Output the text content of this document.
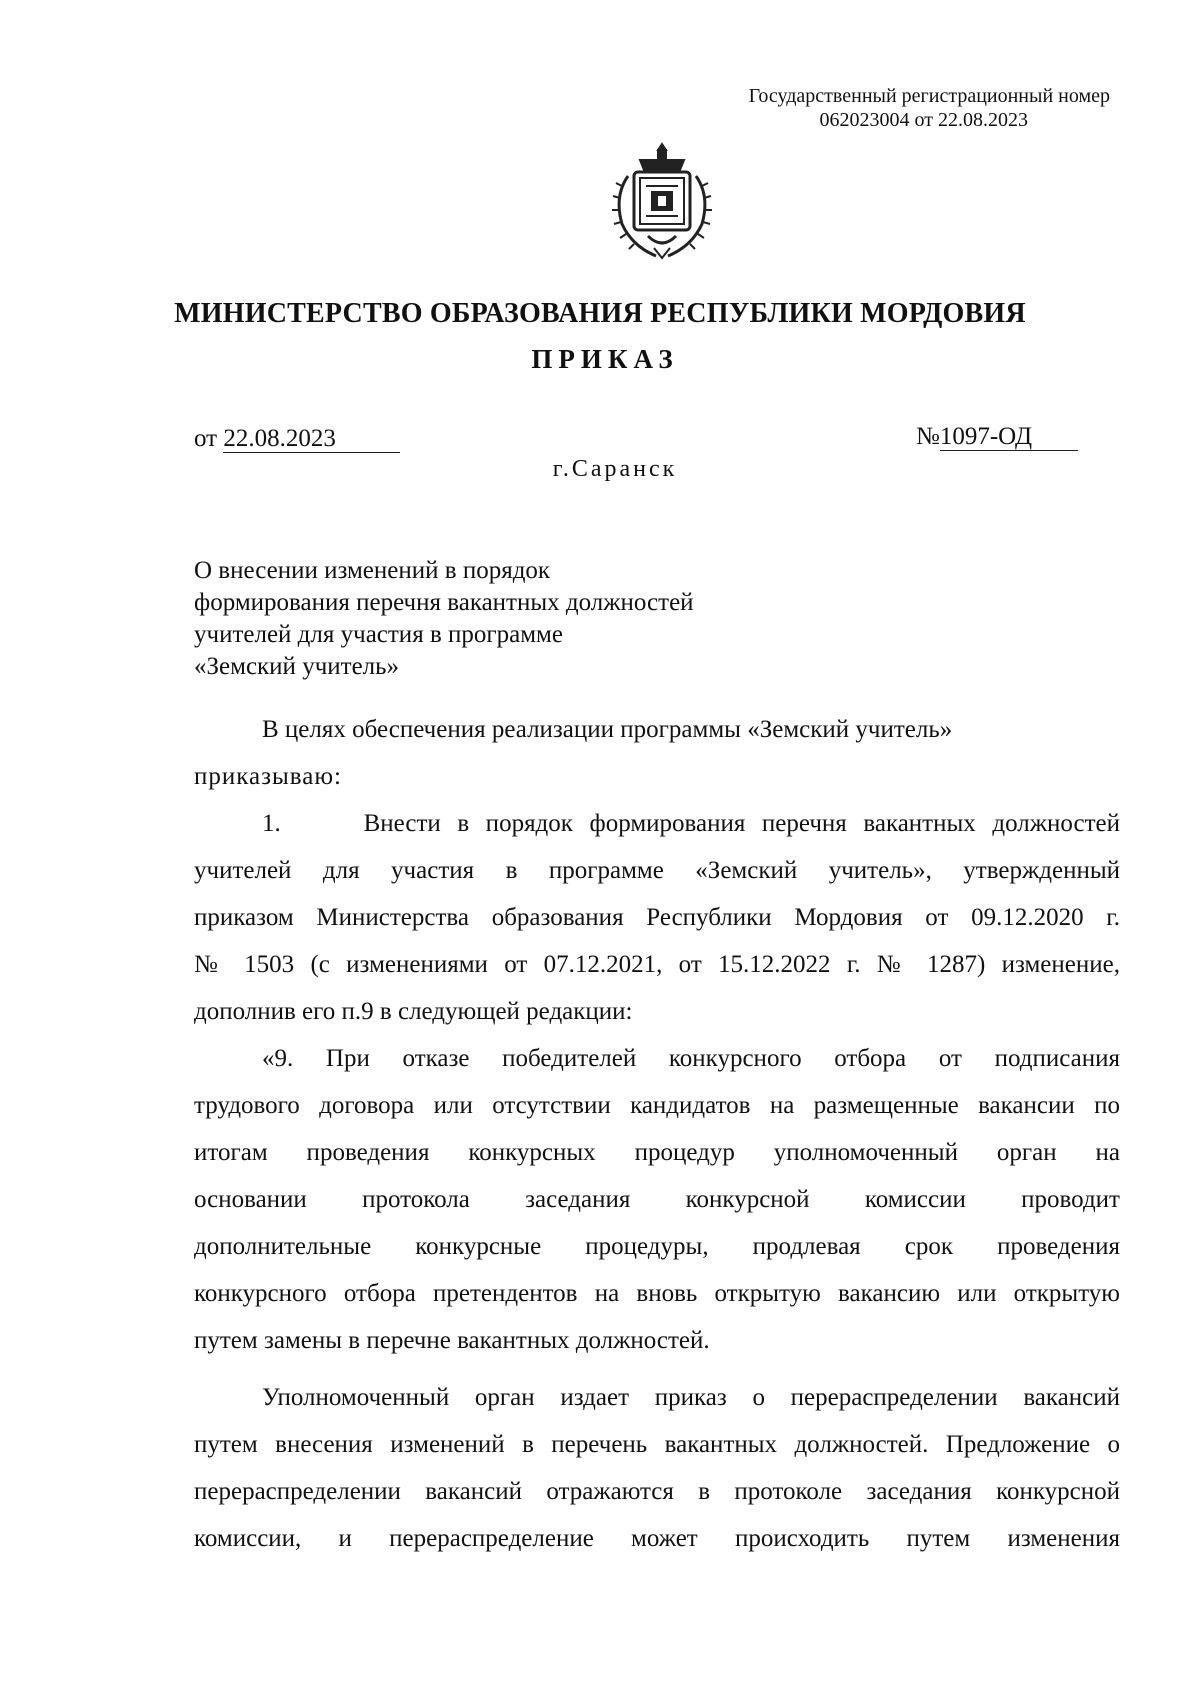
Государственный регистрационный номер
062023004 от 22.08.2023
МИНИСТЕРСТВО ОБРАЗОВАНИЯ РЕСПУБЛИКИ МОРДОВИЯ
ПРИКАЗ
от 22.08.2023	№1097-ОД
г.Саранск
О внесении изменений в порядок
формирования перечня вакантных должностей
учителей для участия в программе
«Земский учитель»

В целях обеспечения реализации программы «Земский учитель»

приказываю:

1.     Внести в порядок формирования перечня вакантных должностей

учителей для участия в программе «Земский учитель», утвержденный

приказом Министерства образования Республики Мордовия от 09.12.2020 г.

№ 1503 (с изменениями от 07.12.2021, от 15.12.2022 г. № 1287) изменение,

дополнив его п.9 в следующей редакции:

«9. При отказе победителей конкурсного отбора от подписания

трудового договора или отсутствии кандидатов на размещенные вакансии по

итогам проведения конкурсных процедур уполномоченный орган на

основании протокола заседания конкурсной комиссии проводит

дополнительные конкурсные процедуры, продлевая срок проведения

конкурсного отбора претендентов на вновь открытую вакансию или открытую

путем замены в перечне вакантных должностей.

Уполномоченный орган издает приказ о перераспределении вакансий

путем внесения изменений в перечень вакантных должностей. Предложение о

перераспределении вакансий отражаются в протоколе заседания конкурсной

комиссии, и перераспределение может происходить путем изменения
